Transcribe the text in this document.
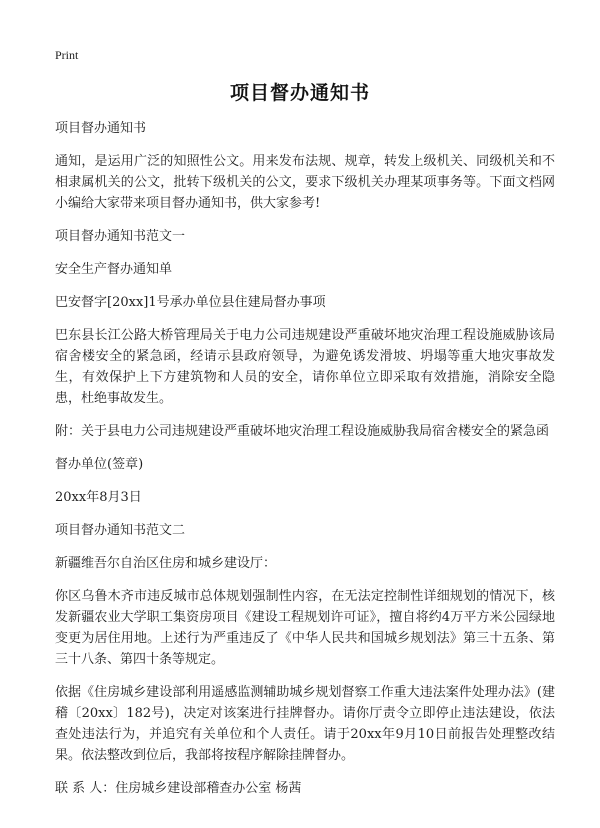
Print
项目督办通知书

项目督办通知书

通知，是运用广泛的知照性公文。用来发布法规、规章，转发上级机关、同级机关和不相隶属机关的公文，批转下级机关的公文，要求下级机关办理某项事务等。下面文档网小编给大家带来项目督办通知书，供大家参考!

项目督办通知书范文一

安全生产督办通知单

巴安督字[20xx]1号承办单位县住建局督办事项

巴东县长江公路大桥管理局关于电力公司违规建设严重破坏地灾治理工程设施威胁该局宿舍楼安全的紧急函，经请示县政府领导，为避免诱发滑坡、坍塌等重大地灾事故发生，有效保护上下方建筑物和人员的安全，请你单位立即采取有效措施，消除安全隐患，杜绝事故发生。

附：关于县电力公司违规建设严重破坏地灾治理工程设施威胁我局宿舍楼安全的紧急函

督办单位(签章)

20xx年8月3日

项目督办通知书范文二

新疆维吾尔自治区住房和城乡建设厅：

你区乌鲁木齐市违反城市总体规划强制性内容，在无法定控制性详细规划的情况下，核发新疆农业大学职工集资房项目《建设工程规划许可证》，擅自将约4万平方米公园绿地变更为居住用地。上述行为严重违反了《中华人民共和国城乡规划法》第三十五条、第三十八条、第四十条等规定。

依据《住房城乡建设部利用遥感监测辅助城乡规划督察工作重大违法案件处理办法》(建稽〔20xx〕182号)，决定对该案进行挂牌督办。请你厅责令立即停止违法建设，依法查处违法行为，并追究有关单位和个人责任。请于20xx年9月10日前报告处理整改结果。依法整改到位后，我部将按程序解除挂牌督办。

联 系 人：住房城乡建设部稽查办公室 杨茜
